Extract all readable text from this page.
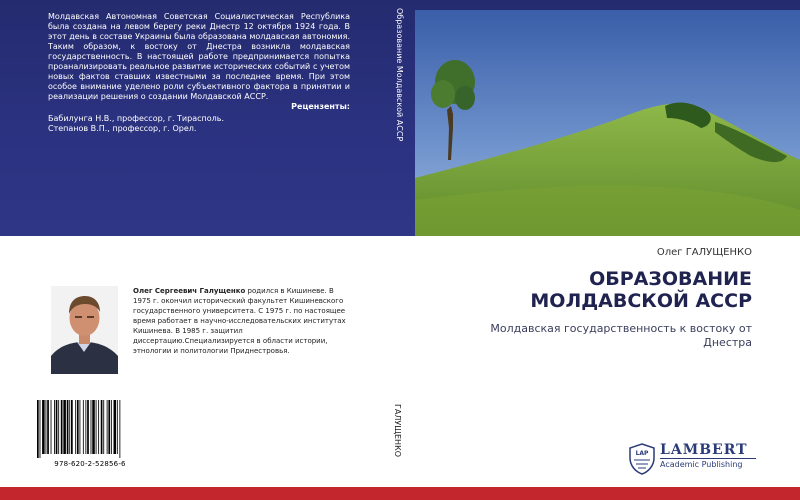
Молдавская Автономная Советская Социалистическая Республика была создана на левом берегу реки Днестр 12 октября 1924 года. В этот день в составе Украины была образована молдавская автономия. Таким образом, к востоку от Днестра возникла молдавская государственность. В настоящей работе предпринимается попытка проанализировать реальное развитие исторических событий с учетом новых фактов ставших известными за последнее время. При этом особое внимание уделено роли субъективного фактора в принятии и реализации решения о создании Молдавской АССР.
Рецензенты:
Бабилунга Н.В., профессор, г. Тирасполь.
Степанов В.П., профессор, г. Орел.	Образование Молдавской АССР
Олег ГАЛУЩЕНКО
ОБРАЗОВАНИЕ
МОЛДАВСКОЙ АССР
Молдавская государственность к востоку от Днестра
Олег Сергеевич Галущенко родился в Кишиневе. В 1975 г. окончил исторический факультет Кишиневского государственного университета. С 1975 г. по настоящее время работает в научно-исследовательских институтах Кишинева. В 1985 г. защитил диссертацию.Специализируется в области истории, этнологии и политологии Приднестровья.
978-620-2-52856-6
ГАЛУЩЕНКО	LAP LAMBERT
Academic Publishing
